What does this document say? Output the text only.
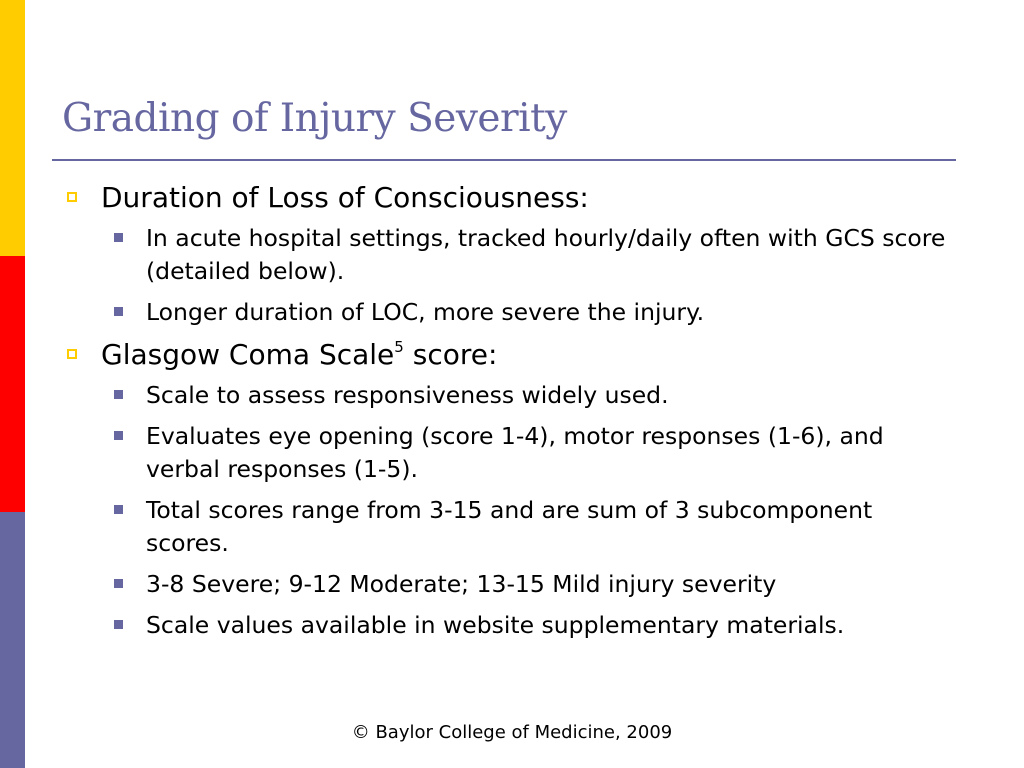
Grading of Injury Severity
Duration of Loss of Consciousness:
In acute hospital settings, tracked hourly/daily often with GCS score (detailed below).
Longer duration of LOC, more severe the injury.
Glasgow Coma Scale$^5$ score:
Scale to assess responsiveness widely used.
Evaluates eye opening (score 1-4), motor responses (1-6), and verbal responses (1-5).
Total scores range from 3-15 and are sum of 3 subcomponent scores.
3-8 Severe; 9-12 Moderate; 13-15 Mild injury severity
Scale values available in website supplementary materials.
© Baylor College of Medicine, 2009
